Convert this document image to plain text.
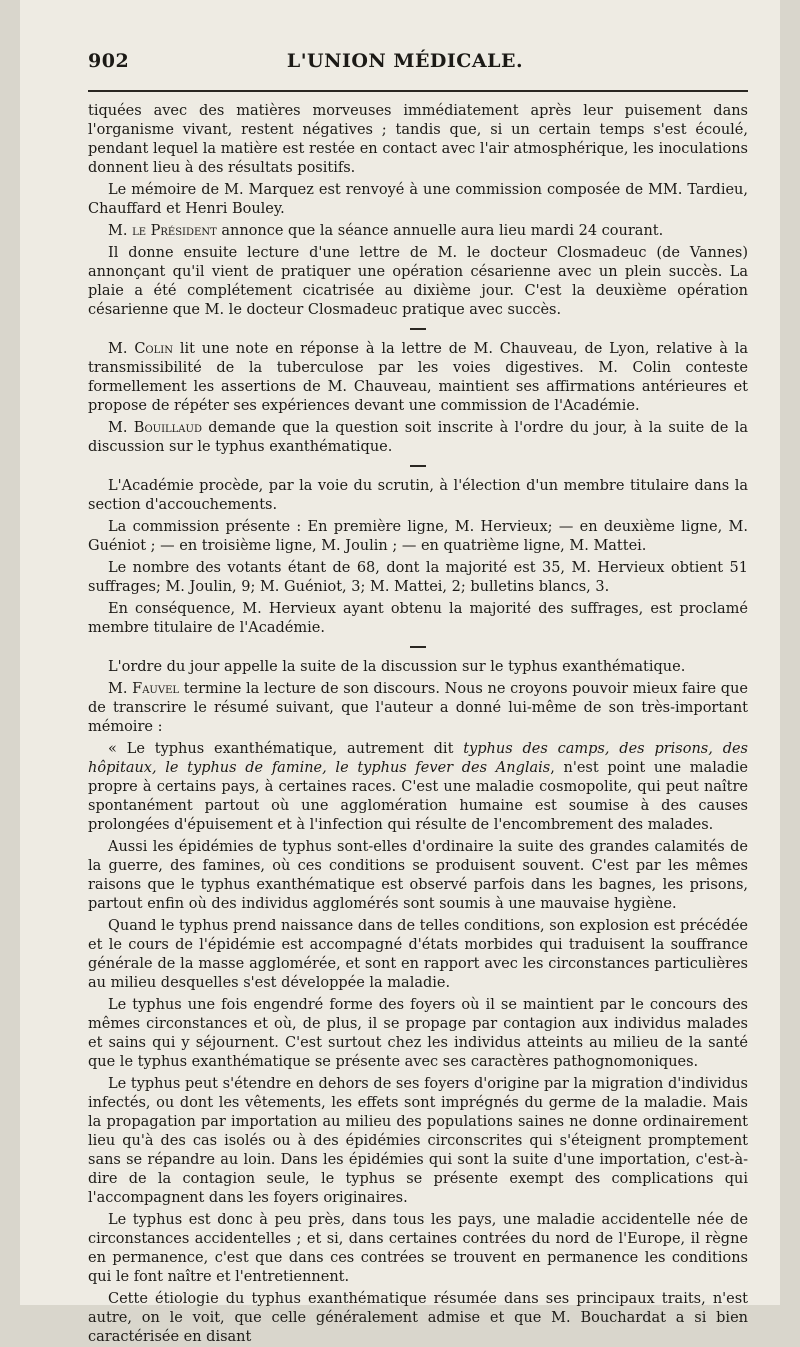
902	L'UNION MÉDICALE.

tiquées avec des matières morveuses immédiatement après leur puisement dans l'organisme vivant, restent négatives ; tandis que, si un certain temps s'est écoulé, pendant lequel la matière est restée en contact avec l'air atmosphérique, les inoculations donnent lieu à des résultats positifs.

Le mémoire de M. Marquez est renvoyé à une commission composée de MM. Tardieu, Chauffard et Henri Bouley.

M. le Président annonce que la séance annuelle aura lieu mardi 24 courant.

Il donne ensuite lecture d'une lettre de M. le docteur Closmadeuc (de Vannes) annonçant qu'il vient de pratiquer une opération césarienne avec un plein succès. La plaie a été complétement cicatrisée au dixième jour. C'est la deuxième opération césarienne que M. le docteur Closmadeuc pratique avec succès.

M. Colin lit une note en réponse à la lettre de M. Chauveau, de Lyon, relative à la transmissibilité de la tuberculose par les voies digestives. M. Colin conteste formellement les assertions de M. Chauveau, maintient ses affirmations antérieures et propose de répéter ses expériences devant une commission de l'Académie.

M. Bouillaud demande que la question soit inscrite à l'ordre du jour, à la suite de la discussion sur le typhus exanthématique.

L'Académie procède, par la voie du scrutin, à l'élection d'un membre titulaire dans la section d'accouchements.

La commission présente : En première ligne, M. Hervieux; — en deuxième ligne, M. Guéniot ; — en troisième ligne, M. Joulin ; — en quatrième ligne, M. Mattei.

Le nombre des votants étant de 68, dont la majorité est 35, M. Hervieux obtient 51 suffrages; M. Joulin, 9; M. Guéniot, 3; M. Mattei, 2; bulletins blancs, 3.

En conséquence, M. Hervieux ayant obtenu la majorité des suffrages, est proclamé membre titulaire de l'Académie.

L'ordre du jour appelle la suite de la discussion sur le typhus exanthématique.

M. Fauvel termine la lecture de son discours. Nous ne croyons pouvoir mieux faire que de transcrire le résumé suivant, que l'auteur a donné lui-même de son très-important mémoire :

« Le typhus exanthématique, autrement dit typhus des camps, des prisons, des hôpitaux, le typhus de famine, le typhus fever des Anglais, n'est point une maladie propre à certains pays, à certaines races. C'est une maladie cosmopolite, qui peut naître spontanément partout où une agglomération humaine est soumise à des causes prolongées d'épuisement et à l'infection qui résulte de l'encombrement des malades.

Aussi les épidémies de typhus sont-elles d'ordinaire la suite des grandes calamités de la guerre, des famines, où ces conditions se produisent souvent. C'est par les mêmes raisons que le typhus exanthématique est observé parfois dans les bagnes, les prisons, partout enfin où des individus agglomérés sont soumis à une mauvaise hygiène.

Quand le typhus prend naissance dans de telles conditions, son explosion est précédée et le cours de l'épidémie est accompagné d'états morbides qui traduisent la souffrance générale de la masse agglomérée, et sont en rapport avec les circonstances particulières au milieu desquelles s'est développée la maladie.

Le typhus une fois engendré forme des foyers où il se maintient par le concours des mêmes circonstances et où, de plus, il se propage par contagion aux individus malades et sains qui y séjournent. C'est surtout chez les individus atteints au milieu de la santé que le typhus exanthématique se présente avec ses caractères pathognomoniques.

Le typhus peut s'étendre en dehors de ses foyers d'origine par la migration d'individus infectés, ou dont les vêtements, les effets sont imprégnés du germe de la maladie. Mais la propagation par importation au milieu des populations saines ne donne ordinairement lieu qu'à des cas isolés ou à des épidémies circonscrites qui s'éteignent promptement sans se répandre au loin. Dans les épidémies qui sont la suite d'une importation, c'est-à-dire de la contagion seule, le typhus se présente exempt des complications qui l'accompagnent dans les foyers originaires.

Le typhus est donc à peu près, dans tous les pays, une maladie accidentelle née de circonstances accidentelles ; et si, dans certaines contrées du nord de l'Europe, il règne en permanence, c'est que dans ces contrées se trouvent en permanence les conditions qui le font naître et l'entretiennent.

Cette étiologie du typhus exanthématique résumée dans ses principaux traits, n'est autre, on le voit, que celle généralement admise et que M. Bouchardat a si bien caractérisée en disant
